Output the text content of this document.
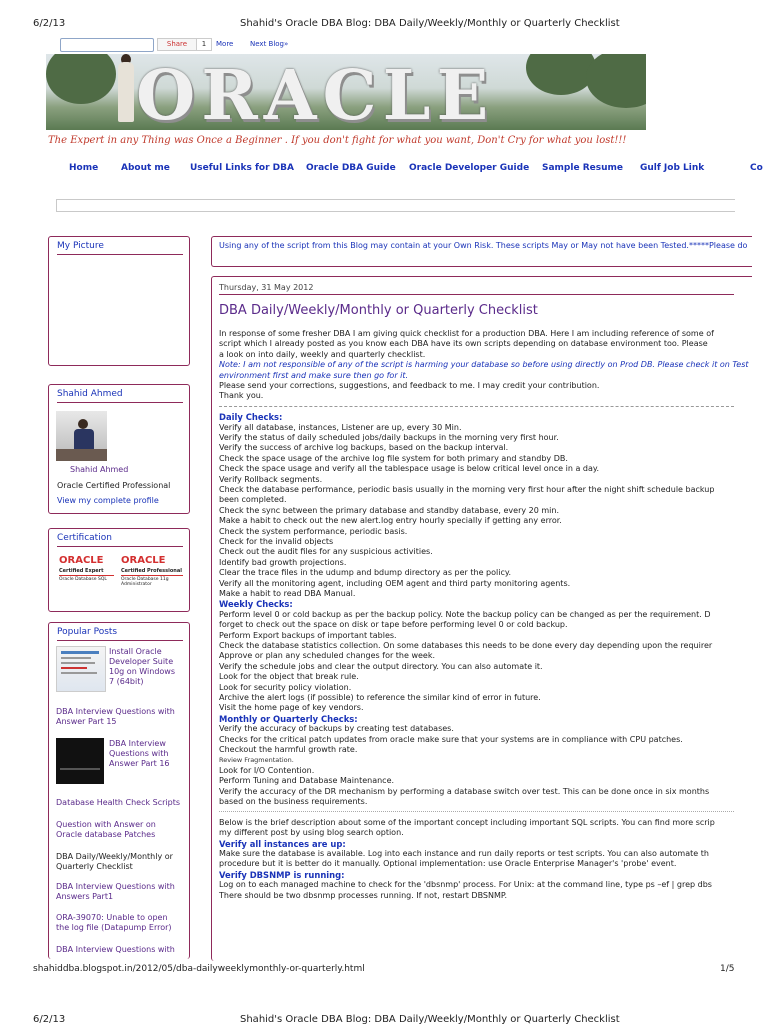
6/2/13	Shahid's Oracle DBA Blog: DBA Daily/Weekly/Monthly or Quarterly Checklist
Share	1	More Next Blog»
ORACLE
The Expert in any Thing was Once a Beginner . If you don't fight for what you want, Don't Cry for what you lost!!!
Home	About me Useful Links for DBA Oracle DBA Guide Oracle Developer Guide Sample Resume Gulf Job Link	Co
My Picture
Shahid Ahmed
Shahid Ahmed
Oracle Certified Professional
View my complete profile
Certification
ORACLE
Certified Expert
Oracle Database SQL
ORACLE
Certified Professional
Oracle Database 11g
Administrator
Popular Posts
Install Oracle
Developer Suite
10g on Windows
7 (64bit)
DBA Interview Questions with
Answer Part 15
DBA Interview
Questions with
Answer Part 16
Database Health Check Scripts
Question with Answer on
Oracle database Patches
DBA Daily/Weekly/Monthly or
Quarterly Checklist
DBA Interview Questions with
Answers Part1
ORA-39070: Unable to open
the log file (Datapump Error)
DBA Interview Questions with
Using any of the script from this Blog may contain at your Own Risk. These scripts May or May not have been Tested.*****Please do
Thursday, 31 May 2012
DBA Daily/Weekly/Monthly or Quarterly Checklist
In response of some fresher DBA I am giving quick checklist for a production DBA. Here I am including reference of some of
script which I already posted as you know each DBA have its own scripts depending on database environment too. Please
a look on into daily, weekly and quarterly checklist.
Note: I am not responsible of any of the script is harming your database so before using directly on Prod DB. Please check it on Test
environment first and make sure then go for it.
Please send your corrections, suggestions, and feedback to me. I may credit your contribution.
Thank you.
Daily Checks:
Verify all database, instances, Listener are up, every 30 Min.
Verify the status of daily scheduled jobs/daily backups in the morning very first hour.
Verify the success of archive log backups, based on the backup interval.
Check the space usage of the archive log file system for both primary and standby DB.
Check the space usage and verify all the tablespace usage is below critical level once in a day.
Verify Rollback segments.
Check the database performance, periodic basis usually in the morning very first hour after the night shift schedule backup
been completed.
Check the sync between the primary database and standby database, every 20 min.
Make a habit to check out the new alert.log entry hourly specially if getting any error.
Check the system performance, periodic basis.
Check for the invalid objects
Check out the audit files for any suspicious activities.
Identify bad growth projections.
Clear the trace files in the udump and bdump directory as per the policy.
Verify all the monitoring agent, including OEM agent and third party monitoring agents.
Make a habit to read DBA Manual.
Weekly Checks:
Perform level 0 or cold backup as per the backup policy. Note the backup policy can be changed as per the requirement. D
forget to check out the space on disk or tape before performing level 0 or cold backup.
Perform Export backups of important tables.
Check the database statistics collection. On some databases this needs to be done every day depending upon the requirer
Approve or plan any scheduled changes for the week.
Verify the schedule jobs and clear the output directory. You can also automate it.
Look for the object that break rule.
Look for security policy violation.
Archive the alert logs (if possible) to reference the similar kind of error in future.
Visit the home page of key vendors.
Monthly or Quarterly Checks:
Verify the accuracy of backups by creating test databases.
Checks for the critical patch updates from oracle make sure that your systems are in compliance with CPU patches.
Checkout the harmful growth rate.
Review Fragmentation.
Look for I/O Contention.
Perform Tuning and Database Maintenance.
Verify the accuracy of the DR mechanism by performing a database switch over test. This can be done once in six months
based on the business requirements.
Below is the brief description about some of the important concept including important SQL scripts. You can find more scrip
my different post by using blog search option.
Verify all instances are up:
Make sure the database is available. Log into each instance and run daily reports or test scripts. You can also automate th
procedure but it is better do it manually. Optional implementation: use Oracle Enterprise Manager's 'probe' event.
Verify DBSNMP is running:
Log on to each managed machine to check for the 'dbsnmp' process. For Unix: at the command line, type ps –ef | grep dbs
There should be two dbsnmp processes running. If not, restart DBSNMP.
shahiddba.blogspot.in/2012/05/dba-dailyweeklymonthly-or-quarterly.html	1/5
6/2/13	Shahid's Oracle DBA Blog: DBA Daily/Weekly/Monthly or Quarterly Checklist
